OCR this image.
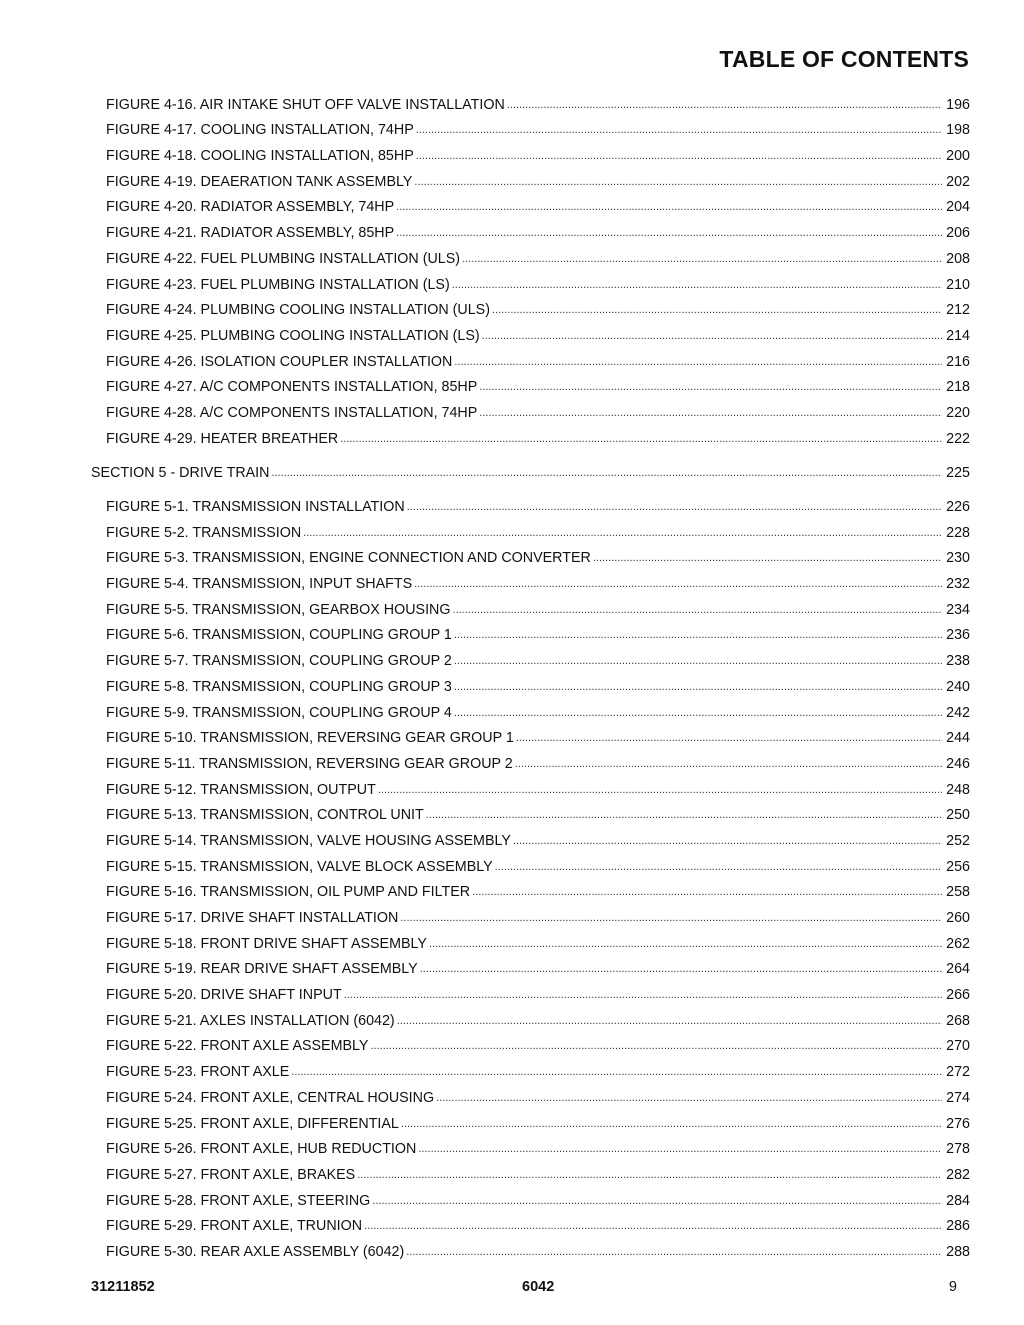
TABLE OF CONTENTS
FIGURE 4-16. AIR INTAKE SHUT OFF VALVE INSTALLATION .....	196
FIGURE 4-17. COOLING INSTALLATION, 74HP .....	198
FIGURE 4-18. COOLING INSTALLATION, 85HP .....	200
FIGURE 4-19. DEAERATION TANK ASSEMBLY .....	202
FIGURE 4-20. RADIATOR ASSEMBLY, 74HP .....	204
FIGURE 4-21. RADIATOR ASSEMBLY, 85HP .....	206
FIGURE 4-22. FUEL PLUMBING INSTALLATION (ULS) .....	208
FIGURE 4-23. FUEL PLUMBING INSTALLATION (LS) .....	210
FIGURE 4-24. PLUMBING COOLING INSTALLATION (ULS) .....	212
FIGURE 4-25. PLUMBING COOLING INSTALLATION (LS) .....	214
FIGURE 4-26. ISOLATION COUPLER INSTALLATION .....	216
FIGURE 4-27. A/C COMPONENTS INSTALLATION, 85HP .....	218
FIGURE 4-28. A/C COMPONENTS INSTALLATION, 74HP .....	220
FIGURE 4-29. HEATER BREATHER .....	222
SECTION 5 - DRIVE TRAIN .....	225
FIGURE 5-1. TRANSMISSION INSTALLATION .....	226
FIGURE 5-2. TRANSMISSION .....	228
FIGURE 5-3. TRANSMISSION, ENGINE CONNECTION AND CONVERTER .....	230
FIGURE 5-4. TRANSMISSION, INPUT SHAFTS .....	232
FIGURE 5-5. TRANSMISSION, GEARBOX HOUSING .....	234
FIGURE 5-6. TRANSMISSION, COUPLING GROUP 1 .....	236
FIGURE 5-7. TRANSMISSION, COUPLING GROUP 2 .....	238
FIGURE 5-8. TRANSMISSION, COUPLING GROUP 3 .....	240
FIGURE 5-9. TRANSMISSION, COUPLING GROUP 4 .....	242
FIGURE 5-10. TRANSMISSION, REVERSING GEAR GROUP 1 .....	244
FIGURE 5-11. TRANSMISSION, REVERSING GEAR GROUP 2 .....	246
FIGURE 5-12. TRANSMISSION, OUTPUT .....	248
FIGURE 5-13. TRANSMISSION, CONTROL UNIT .....	250
FIGURE 5-14. TRANSMISSION, VALVE HOUSING ASSEMBLY .....	252
FIGURE 5-15. TRANSMISSION, VALVE BLOCK ASSEMBLY .....	256
FIGURE 5-16. TRANSMISSION, OIL PUMP AND FILTER .....	258
FIGURE 5-17. DRIVE SHAFT INSTALLATION .....	260
FIGURE 5-18. FRONT DRIVE SHAFT ASSEMBLY .....	262
FIGURE 5-19. REAR DRIVE SHAFT ASSEMBLY .....	264
FIGURE 5-20. DRIVE SHAFT INPUT .....	266
FIGURE 5-21. AXLES INSTALLATION (6042) .....	268
FIGURE 5-22. FRONT AXLE ASSEMBLY .....	270
FIGURE 5-23. FRONT AXLE .....	272
FIGURE 5-24. FRONT AXLE, CENTRAL HOUSING .....	274
FIGURE 5-25. FRONT AXLE, DIFFERENTIAL .....	276
FIGURE 5-26. FRONT AXLE, HUB REDUCTION .....	278
FIGURE 5-27. FRONT AXLE, BRAKES .....	282
FIGURE 5-28. FRONT AXLE, STEERING .....	284
FIGURE 5-29. FRONT AXLE, TRUNION .....	286
FIGURE 5-30. REAR AXLE ASSEMBLY (6042) .....	288
31211852	6042	9
